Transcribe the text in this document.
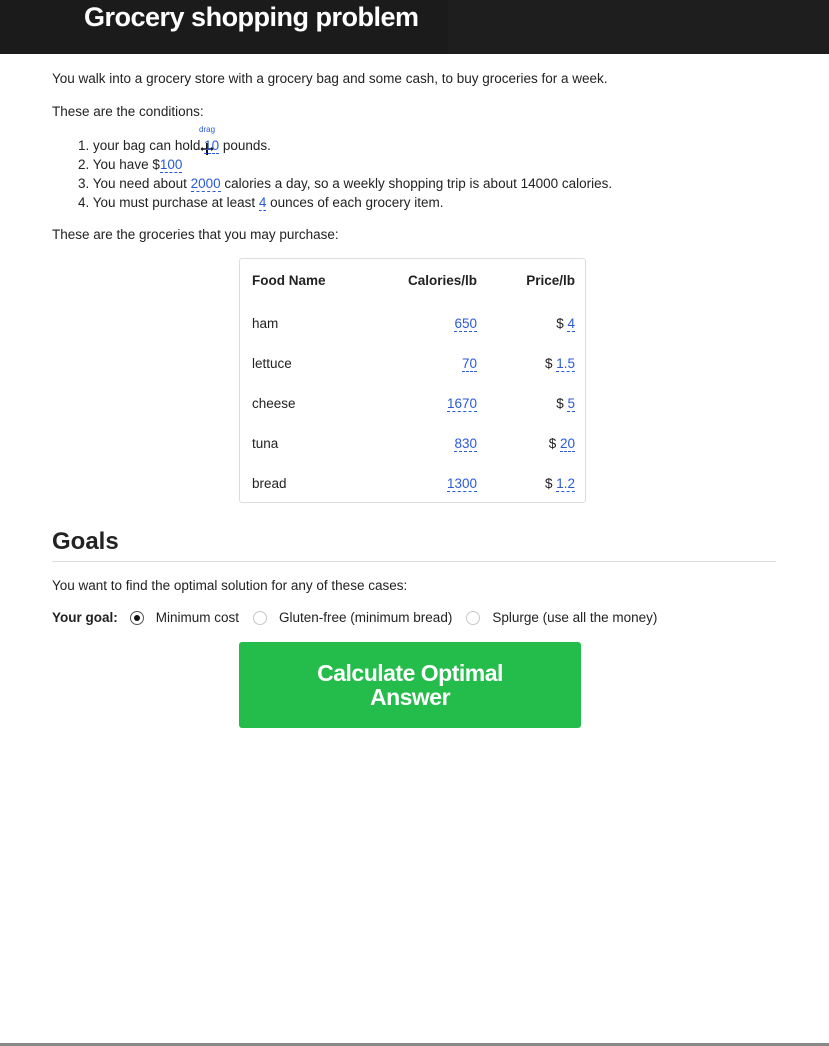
Grocery shopping problem
You walk into a grocery store with a grocery bag and some cash, to buy groceries for a week.
These are the conditions:
drag
1. your bag can hold 10 pounds.
2. You have $100
3. You need about 2000 calories a day, so a weekly shopping trip is about 14000 calories.
4. You must purchase at least 4 ounces of each grocery item.
These are the groceries that you may purchase:
Food Name	Calories/lb	Price/lb
ham	650	$ 4
lettuce	70	$ 1.5
cheese	1670	$ 5
tuna	830	$ 20
bread	1300	$ 1.2
Goals
You want to find the optimal solution for any of these cases:
Your goal:	Minimum cost	Gluten-free (minimum bread)	Splurge (use all the money)
Calculate Optimal Answer
